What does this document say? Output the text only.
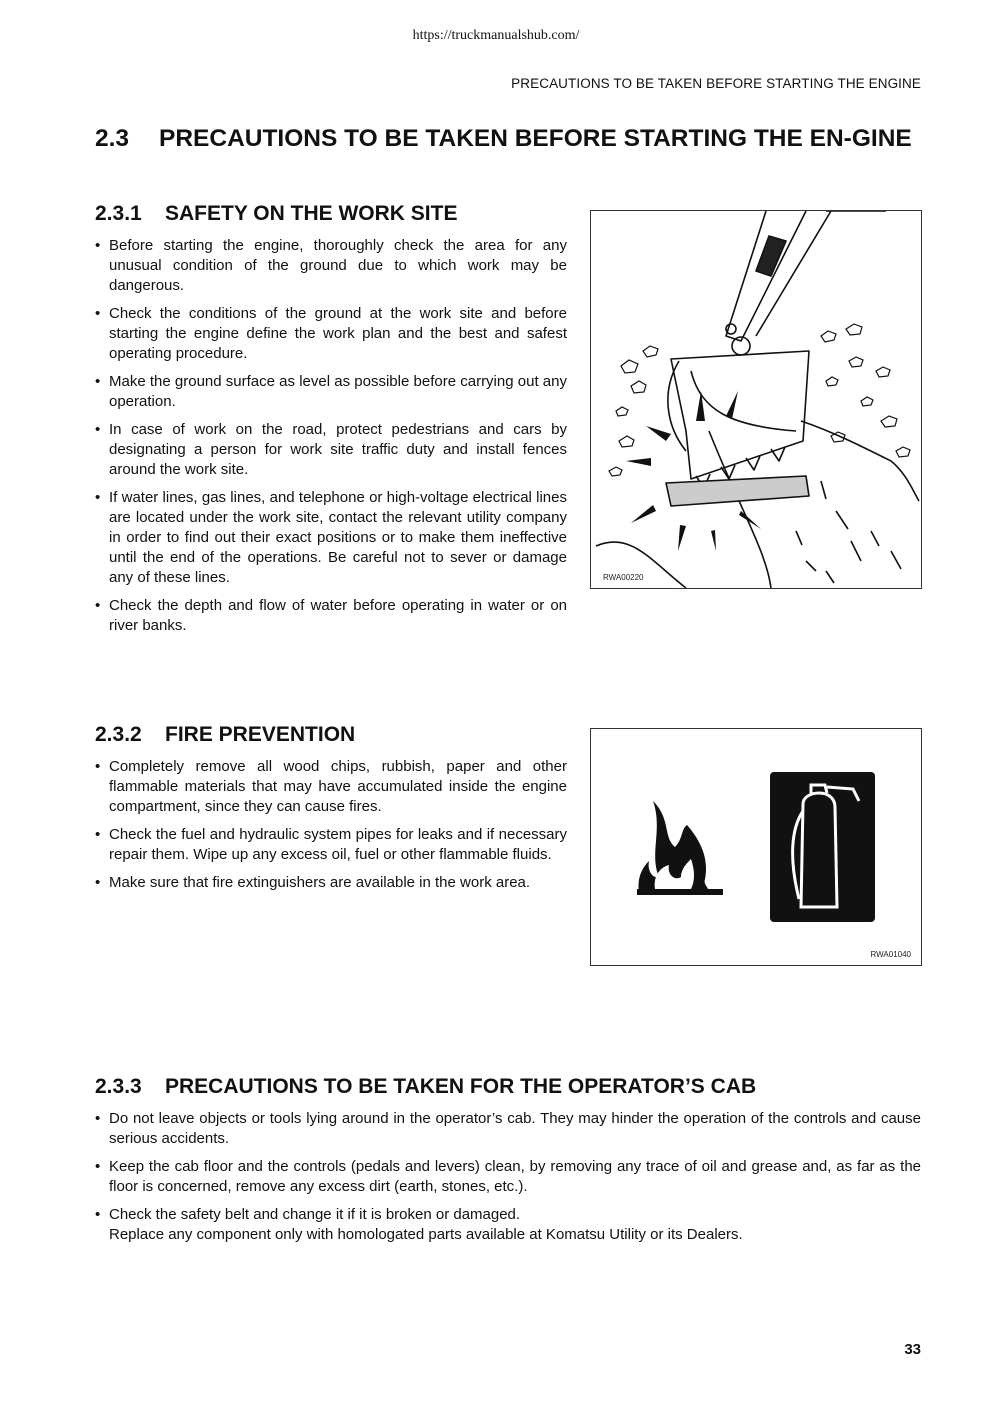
https://truckmanualshub.com/
PRECAUTIONS TO BE TAKEN BEFORE STARTING THE ENGINE
2.3 PRECAUTIONS TO BE TAKEN BEFORE STARTING THE EN-GINE
2.3.1 SAFETY ON THE WORK SITE
• Before starting the engine, thoroughly check the area for any unusual condition of the ground due to which work may be dangerous.
• Check the conditions of the ground at the work site and before starting the engine define the work plan and the best and safest operating procedure.
• Make the ground surface as level as possible before carrying out any operation.
• In case of work on the road, protect pedestrians and cars by designating a person for work site traffic duty and install fences around the work site.
• If water lines, gas lines, and telephone or high-voltage electrical lines are located under the work site, contact the relevant utility company in order to find out their exact positions or to make them ineffective until the end of the operations. Be careful not to sever or damage any of these lines.
• Check the depth and flow of water before operating in water or on river banks.
RWA00220
2.3.2 FIRE PREVENTION
• Completely remove all wood chips, rubbish, paper and other flammable materials that may have accumulated inside the engine compartment, since they can cause fires.
• Check the fuel and hydraulic system pipes for leaks and if necessary repair them. Wipe up any excess oil, fuel or other flammable fluids.
• Make sure that fire extinguishers are available in the work area.
RWA01040
2.3.3 PRECAUTIONS TO BE TAKEN FOR THE OPERATOR’S CAB
• Do not leave objects or tools lying around in the operator’s cab. They may hinder the operation of the controls and cause serious accidents.
• Keep the cab floor and the controls (pedals and levers) clean, by removing any trace of oil and grease and, as far as the floor is concerned, remove any excess dirt (earth, stones, etc.).
• Check the safety belt and change it if it is broken or damaged.
Replace any component only with homologated parts available at Komatsu Utility or its Dealers.
33
